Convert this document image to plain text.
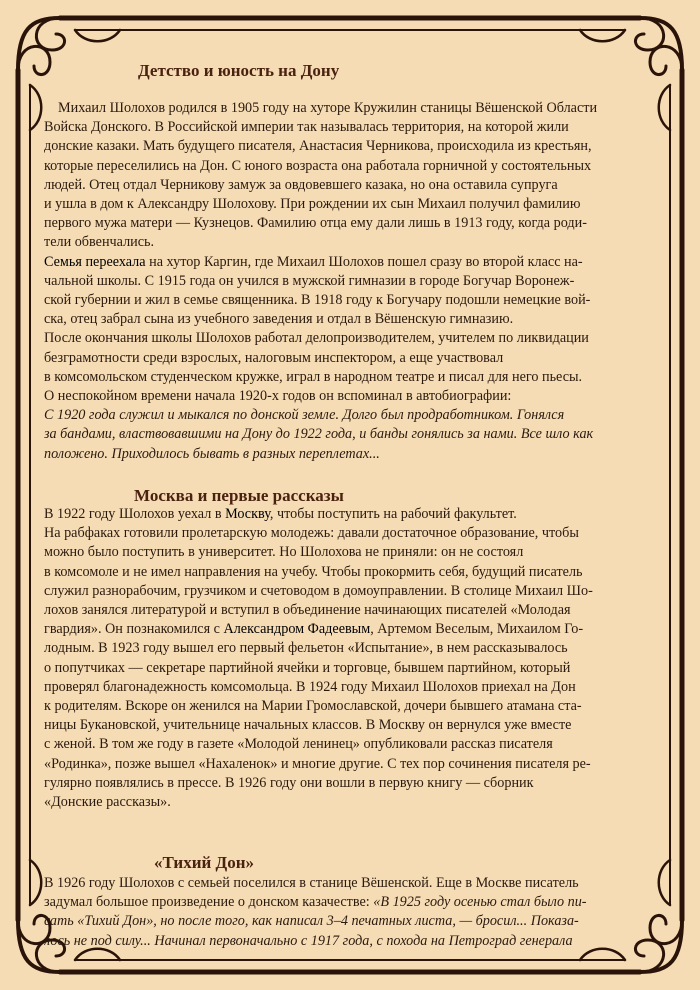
Детство и юность на Дону
Михаил Шолохов родился в 1905 году на хуторе Кружилин станицы Вёшенской Области
Войска Донского. В Российской империи так называлась территория, на которой жили
донские казаки. Мать будущего писателя, Анастасия Черникова, происходила из крестьян,
которые переселились на Дон. С юного возраста она работала горничной у состоятельных
людей. Отец отдал Черникову замуж за овдовевшего казака, но она оставила супруга
и ушла в дом к Александру Шолохову. При рождении их сын Михаил получил фамилию
первого мужа матери — Кузнецов. Фамилию отца ему дали лишь в 1913 году, когда роди-
тели обвенчались.
Семья переехала на хутор Каргин, где Михаил Шолохов пошел сразу во второй класс на-
чальной школы. С 1915 года он учился в мужской гимназии в городе Богучар Воронеж-
ской губернии и жил в семье священника. В 1918 году к Богучару подошли немецкие вой-
ска, отец забрал сына из учебного заведения и отдал в Вёшенскую гимназию.
После окончания школы Шолохов работал делопроизводителем, учителем по ликвидации
безграмотности среди взрослых, налоговым инспектором, а еще участвовал
в комсомольском студенческом кружке, играл в народном театре и писал для него пьесы.
О неспокойном времени начала 1920-х годов он вспоминал в автобиографии:
С 1920 года служил и мыкался по донской земле. Долго был продработником. Гонялся
за бандами, властвовавшими на Дону до 1922 года, и банды гонялись за нами. Все шло как
положено. Приходилось бывать в разных переплетах...
Москва и первые рассказы
В 1922 году Шолохов уехал в Москву, чтобы поступить на рабочий факультет.
На рабфаках готовили пролетарскую молодежь: давали достаточное образование, чтобы
можно было поступить в университет. Но Шолохова не приняли: он не состоял
в комсомоле и не имел направления на учебу. Чтобы прокормить себя, будущий писатель
служил разнорабочим, грузчиком и счетоводом в домоуправлении. В столице Михаил Шо-
лохов занялся литературой и вступил в объединение начинающих писателей «Молодая
гвардия». Он познакомился с Александром Фадеевым, Артемом Веселым, Михаилом Го-
лодным. В 1923 году вышел его первый фельетон «Испытание», в нем рассказывалось
о попутчиках — секретаре партийной ячейки и торговце, бывшем партийном, который
проверял благонадежность комсомольца. В 1924 году Михаил Шолохов приехал на Дон
к родителям. Вскоре он женился на Марии Громославской, дочери бывшего атамана ста-
ницы Букановской, учительнице начальных классов. В Москву он вернулся уже вместе
с женой. В том же году в газете «Молодой ленинец» опубликовали рассказ писателя
«Родинка», позже вышел «Нахаленок» и многие другие. С тех пор сочинения писателя ре-
гулярно появлялись в прессе. В 1926 году они вошли в первую книгу — сборник
«Донские рассказы».
«Тихий Дон»
В 1926 году Шолохов с семьей поселился в станице Вёшенской. Еще в Москве писатель
задумал большое произведение о донском казачестве: «В 1925 году осенью стал было пи-
сать «Тихий Дон», но после того, как написал 3–4 печатных листа, — бросил... Показа-
лось не под силу... Начинал первоначально с 1917 года, с похода на Петроград генерала
